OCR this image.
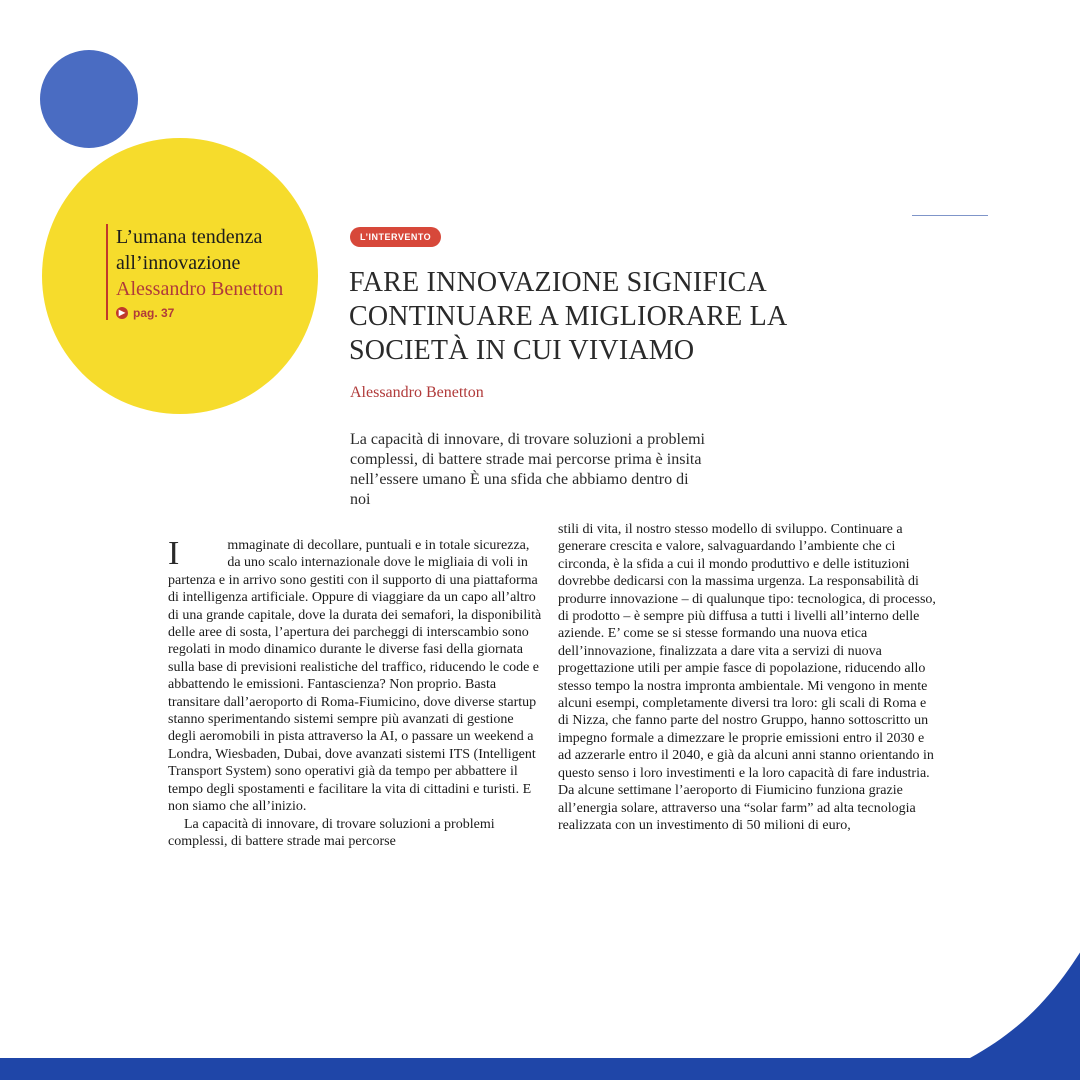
L’umana tendenza all’innovazione
Alessandro Benetton
▶ pag. 37
L’INTERVENTO
FARE INNOVAZIONE SIGNIFICA CONTINUARE A MIGLIORARE LA SOCIETÀ IN CUI VIVIAMO
Alessandro Benetton
La capacità di innovare, di trovare soluzioni a problemi complessi, di battere strade mai percorse prima è insita nell’essere umano È una sfida che abbiamo dentro di noi
I	mmaginate di decollare, puntuali e in totale sicurezza, da uno scalo internazionale dove le migliaia di voli in partenza e in arrivo sono gestiti con il supporto di una piattaforma di intelligenza artificiale. Oppure di viaggiare da un capo all’altro di una grande capitale, dove la durata dei semafori, la disponibilità delle aree di sosta, l’apertura dei parcheggi di interscambio sono regolati in modo dinamico durante le diverse fasi della giornata sulla base di previsioni realistiche del traffico, riducendo le code e abbattendo le emissioni. Fantascienza? Non proprio. Basta transitare dall’aeroporto di Roma-Fiumicino, dove diverse startup stanno sperimentando sistemi sempre più avanzati di gestione degli aeromobili in pista attraverso la AI, o passare un weekend a Londra, Wiesbaden, Dubai, dove avanzati sistemi ITS (Intelligent Transport System) sono operativi già da tempo per abbattere il tempo degli spostamenti e facilitare la vita di cittadini e turisti. E non siamo che all’inizio.

La capacità di innovare, di trovare soluzioni a problemi complessi, di battere strade mai percorse

stili di vita, il nostro stesso modello di sviluppo. Continuare a generare crescita e valore, salvaguardando l’ambiente che ci circonda, è la sfida a cui il mondo produttivo e delle istituzioni dovrebbe dedicarsi con la massima urgenza. La responsabilità di produrre innovazione – di qualunque tipo: tecnologica, di processo, di prodotto – è sempre più diffusa a tutti i livelli all’interno delle aziende. E’ come se si stesse formando una nuova etica dell’innovazione, finalizzata a dare vita a servizi di nuova progettazione utili per ampie fasce di popolazione, riducendo allo stesso tempo la nostra impronta ambientale. Mi vengono in mente alcuni esempi, completamente diversi tra loro: gli scali di Roma e di Nizza, che fanno parte del nostro Gruppo, hanno sottoscritto un impegno formale a dimezzare le proprie emissioni entro il 2030 e ad azzerarle entro il 2040, e già da alcuni anni stanno orientando in questo senso i loro investimenti e la loro capacità di fare industria. Da alcune settimane l’aeroporto di Fiumicino funziona grazie all’energia solare, attraverso una “solar farm” ad alta tecnologia realizzata con un investimento di 50 milioni di euro,
